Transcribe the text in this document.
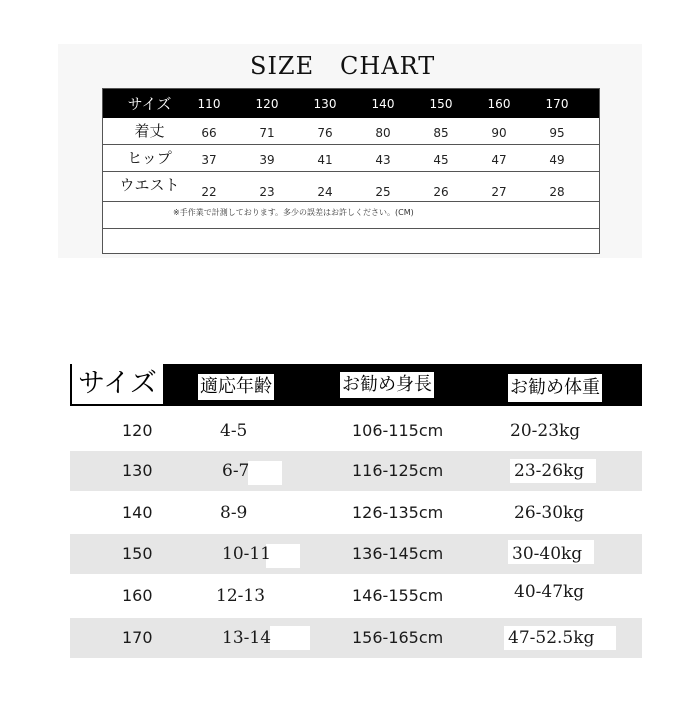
SIZE   CHART
サイズ	110	120	130	140	150	160	170
着丈	66	71	76	80	85	90	95
ヒップ	37	39	41	43	45	47	49
ウエスト	22	23	24	25	26	27	28
※手作業で計測しております。多少の誤差はお許しください。(CM)
サイズ	適応年齢	お勧め身長	お勧め体重
120	4-5	106-115cm	20-23kg
130	6-7	116-125cm	23-26kg
140	8-9	126-135cm	26-30kg
150	10-11	136-145cm	30-40kg
160	12-13	146-155cm	40-47kg
170	13-14	156-165cm	47-52.5kg
